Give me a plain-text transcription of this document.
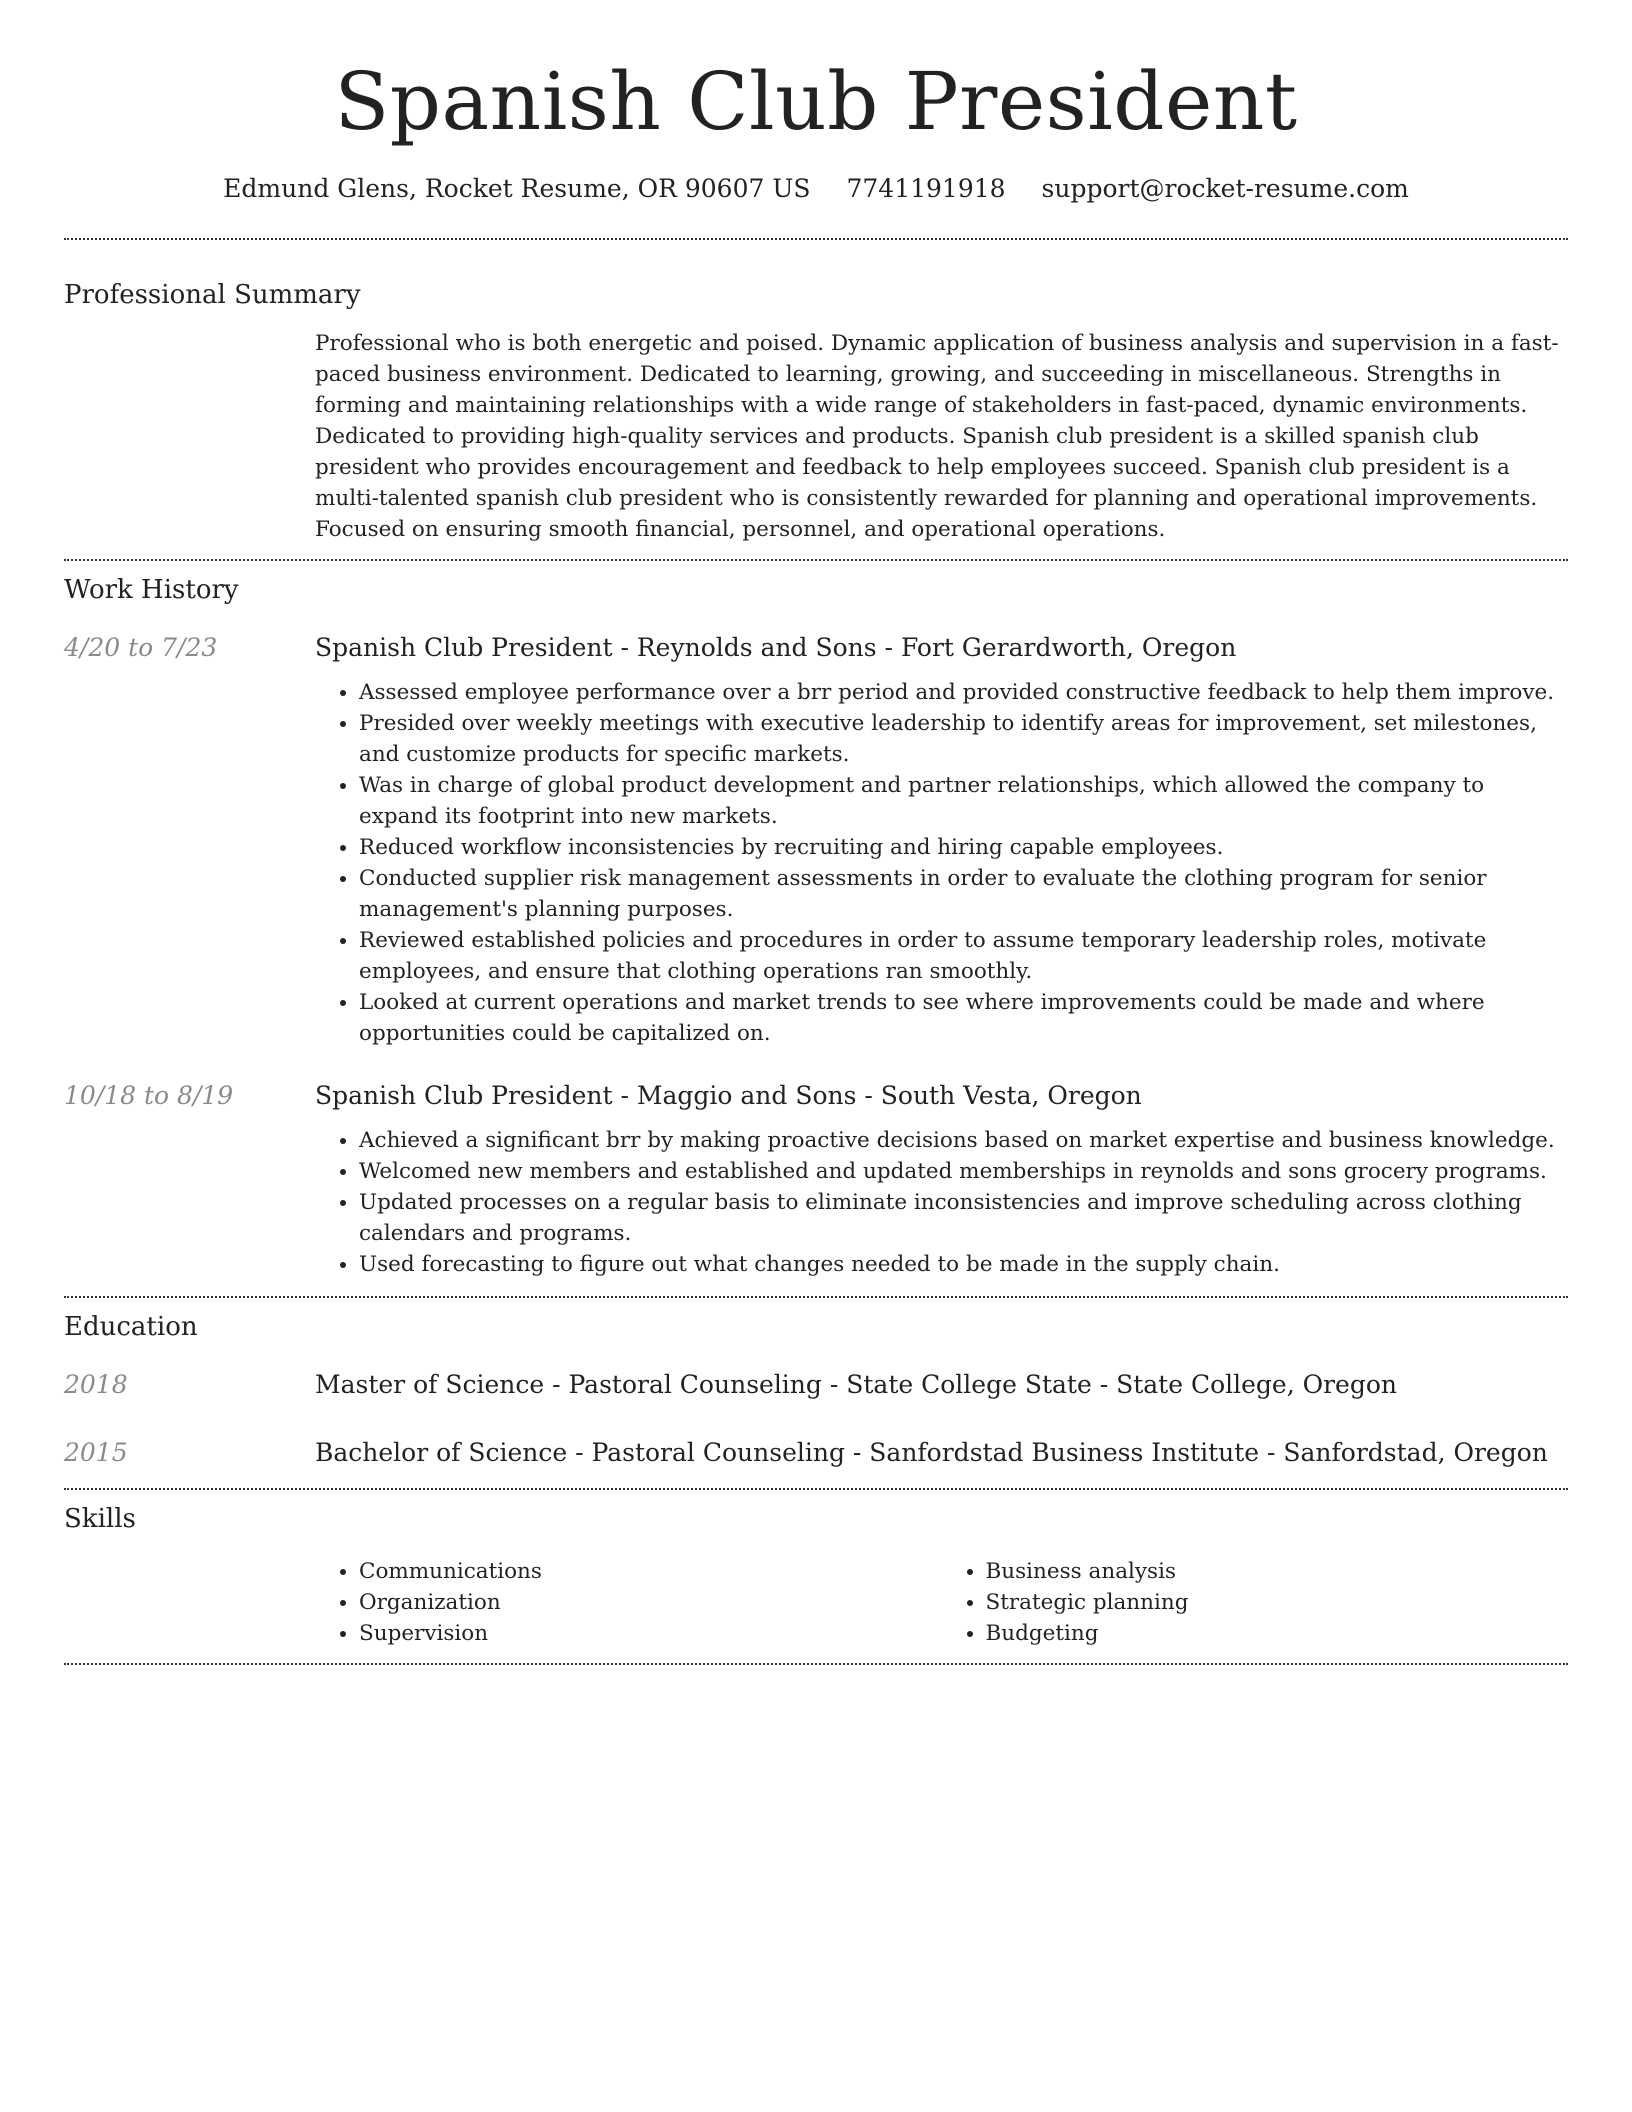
Spanish Club President
Edmund Glens, Rocket Resume, OR 90607 US 7741191918 support@rocket-resume.com
Professional Summary

Professional who is both energetic and poised. Dynamic application of business analysis and supervision in a fast-paced business environment. Dedicated to learning, growing, and succeeding in miscellaneous. Strengths in forming and maintaining relationships with a wide range of stakeholders in fast-paced, dynamic environments. Dedicated to providing high-quality services and products. Spanish club president is a skilled spanish club president who provides encouragement and feedback to help employees succeed. Spanish club president is a multi-talented spanish club president who is consistently rewarded for planning and operational improvements. Focused on ensuring smooth financial, personnel, and operational operations.

Work History
4/20 to 7/23	Spanish Club President - Reynolds and Sons - Fort Gerardworth, Oregon

• Assessed employee performance over a brr period and provided constructive feedback to help them improve.
• Presided over weekly meetings with executive leadership to identify areas for improvement, set milestones, and customize products for specific markets.
• Was in charge of global product development and partner relationships, which allowed the company to expand its footprint into new markets.
• Reduced workflow inconsistencies by recruiting and hiring capable employees.
• Conducted supplier risk management assessments in order to evaluate the clothing program for senior management's planning purposes.
• Reviewed established policies and procedures in order to assume temporary leadership roles, motivate employees, and ensure that clothing operations ran smoothly.
• Looked at current operations and market trends to see where improvements could be made and where opportunities could be capitalized on.
10/18 to 8/19	Spanish Club President - Maggio and Sons - South Vesta, Oregon

• Achieved a significant brr by making proactive decisions based on market expertise and business knowledge.
• Welcomed new members and established and updated memberships in reynolds and sons grocery programs.
• Updated processes on a regular basis to eliminate inconsistencies and improve scheduling across clothing calendars and programs.
• Used forecasting to figure out what changes needed to be made in the supply chain.
Education
2018	Master of Science - Pastoral Counseling - State College State - State College, Oregon

2015	Bachelor of Science - Pastoral Counseling - Sanfordstad Business Institute - Sanfordstad, Oregon

Skills
• Communications
• Organization
• Supervision
• Business analysis
• Strategic planning
• Budgeting
